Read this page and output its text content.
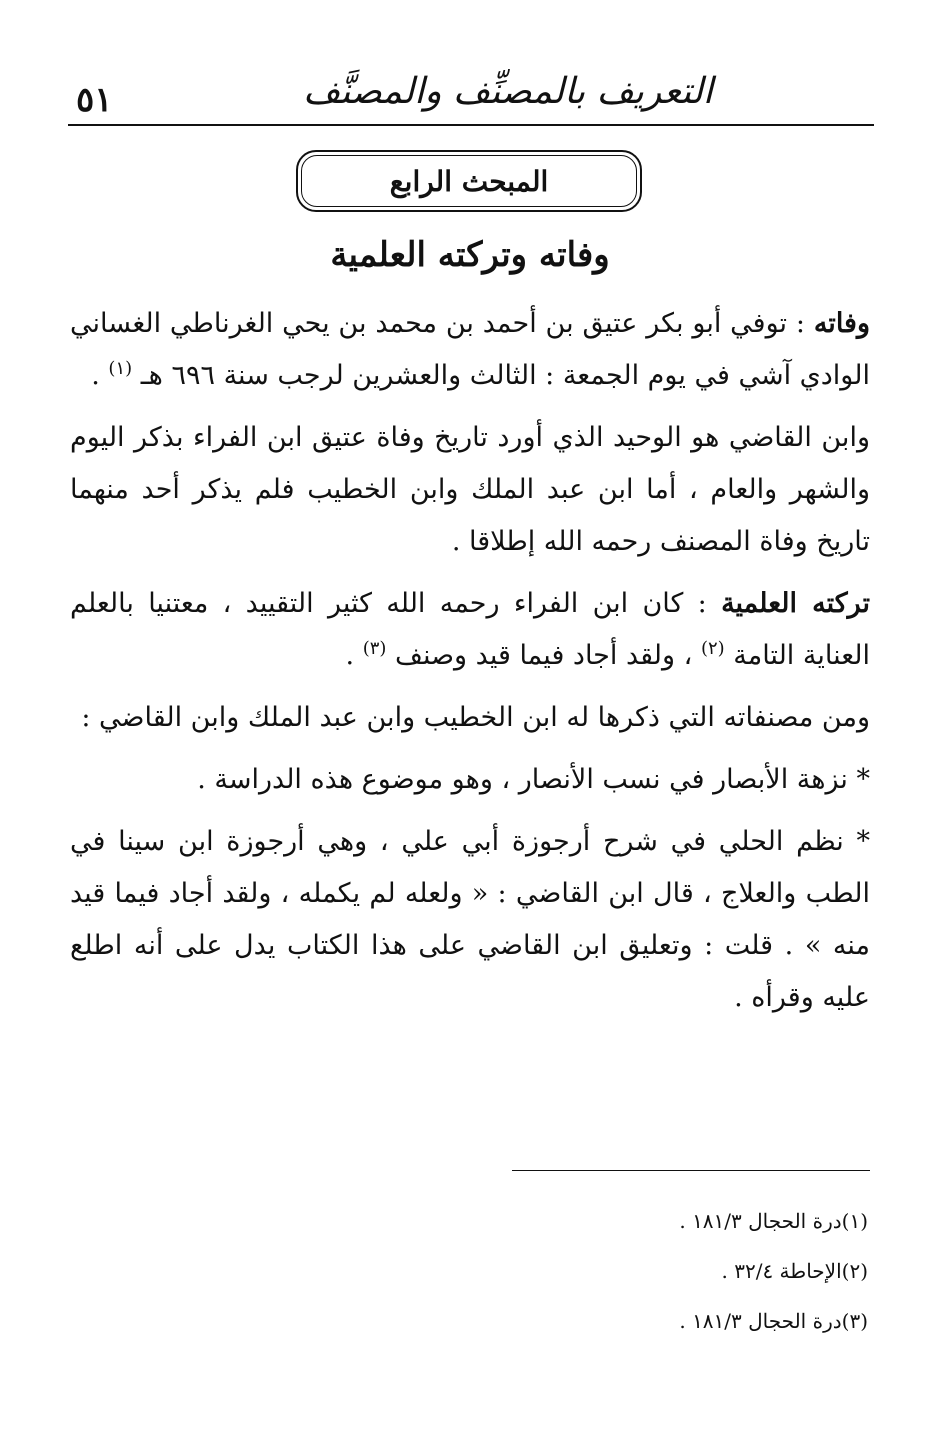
٥١	التعريف بالمصنِّف والمصنَّف
المبحث الرابع
وفاته وتركته العلمية

وفاته : توفي أبو بكر عتيق بن أحمد بن محمد بن يحي الغرناطي الغساني الوادي آشي في يوم الجمعة : الثالث والعشرين لرجب سنة ٦٩٦ هـ $^{(١)}$ .

وابن القاضي هو الوحيد الذي أورد تاريخ وفاة عتيق ابن الفراء بذكر اليوم والشهر والعام ، أما ابن عبد الملك وابن الخطيب فلم يذكر أحد منهما تاريخ وفاة المصنف رحمه الله إطلاقا .

تركته العلمية : كان ابن الفراء رحمه الله كثير التقييد ، معتنيا بالعلم العناية التامة $^{(٢)}$ ، ولقد أجاد فيما قيد وصنف $^{(٣)}$ .

ومن مصنفاته التي ذكرها له ابن الخطيب وابن عبد الملك وابن القاضي :

* نزهة الأبصار في نسب الأنصار ، وهو موضوع هذه الدراسة .

* نظم الحلي في شرح أرجوزة أبي علي ، وهي أرجوزة ابن سينا في الطب والعلاج ، قال ابن القاضي : « ولعله لم يكمله ، ولقد أجاد فيما قيد منه » . قلت : وتعليق ابن القاضي على هذا الكتاب يدل على أنه اطلع عليه وقرأه .

(١)درة الحجال ١٨١/٣ .

(٢)الإحاطة ٣٢/٤ .

(٣)درة الحجال ١٨١/٣ .
